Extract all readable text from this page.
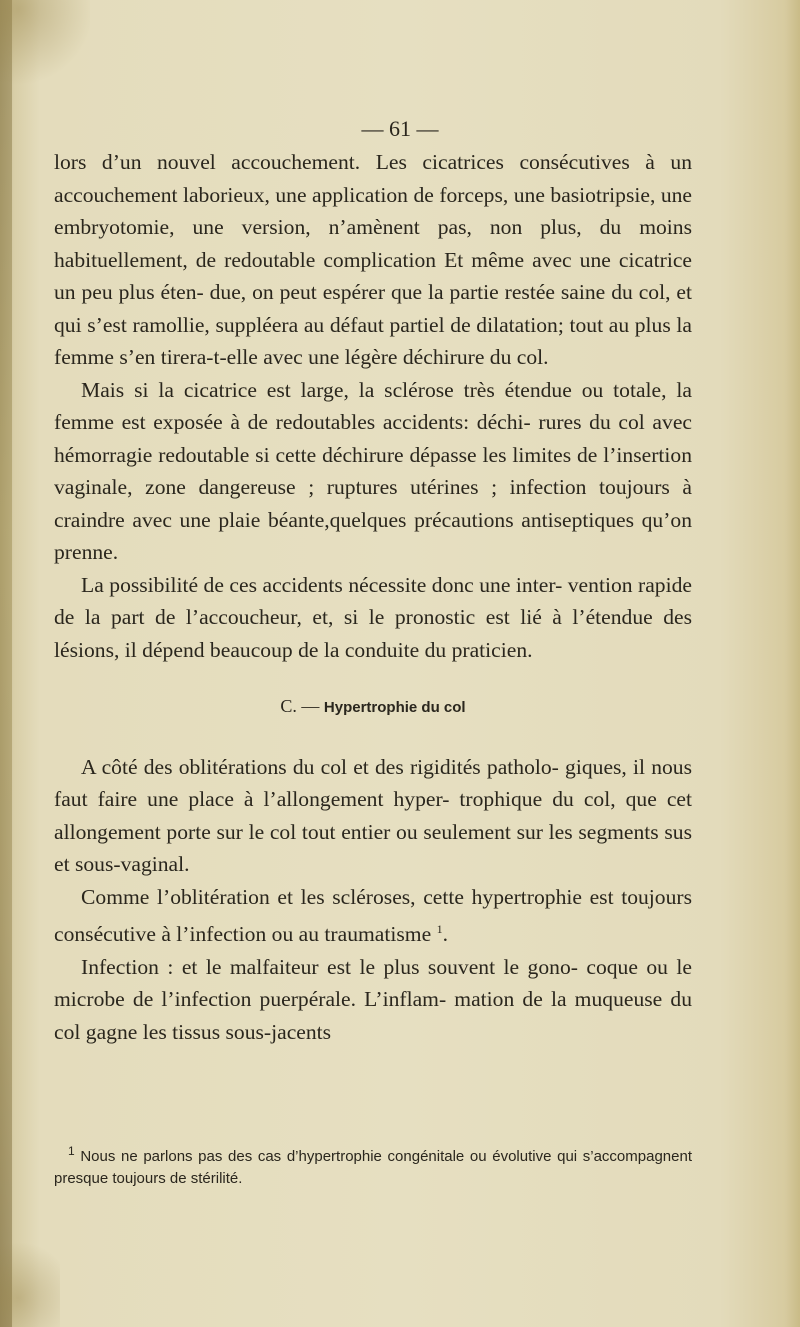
— 61 —

lors d’un nouvel accouchement. Les cicatrices consécutives à un accouchement laborieux, une application de forceps, une basiotripsie, une embryotomie, une version, n’amènent pas, non plus, du moins habituellement, de redoutable complication Et même avec une cicatrice un peu plus éten- due, on peut espérer que la partie restée saine du col, et qui s’est ramollie, suppléera au défaut partiel de dilatation; tout au plus la femme s’en tirera-t-elle avec une légère déchirure du col.

Mais si la cicatrice est large, la sclérose très étendue ou totale, la femme est exposée à de redoutables accidents: déchi- rures du col avec hémorragie redoutable si cette déchirure dépasse les limites de l’insertion vaginale, zone dangereuse ; ruptures utérines ; infection toujours à craindre avec une plaie béante,quelques précautions antiseptiques qu’on prenne.

La possibilité de ces accidents nécessite donc une inter- vention rapide de la part de l’accoucheur, et, si le pronostic est lié à l’étendue des lésions, il dépend beaucoup de la conduite du praticien.

C. — Hypertrophie du col

A côté des oblitérations du col et des rigidités patholo- giques, il nous faut faire une place à l’allongement hyper- trophique du col, que cet allongement porte sur le col tout entier ou seulement sur les segments sus et sous-vaginal.

Comme l’oblitération et les scléroses, cette hypertrophie est toujours consécutive à l’infection ou au traumatisme $^1$.

Infection : et le malfaiteur est le plus souvent le gono- coque ou le microbe de l’infection puerpérale. L’inflam- mation de la muqueuse du col gagne les tissus sous-jacents

$^1$ Nous ne parlons pas des cas d’hypertrophie congénitale ou évolutive qui s’accompagnent presque toujours de stérilité.
